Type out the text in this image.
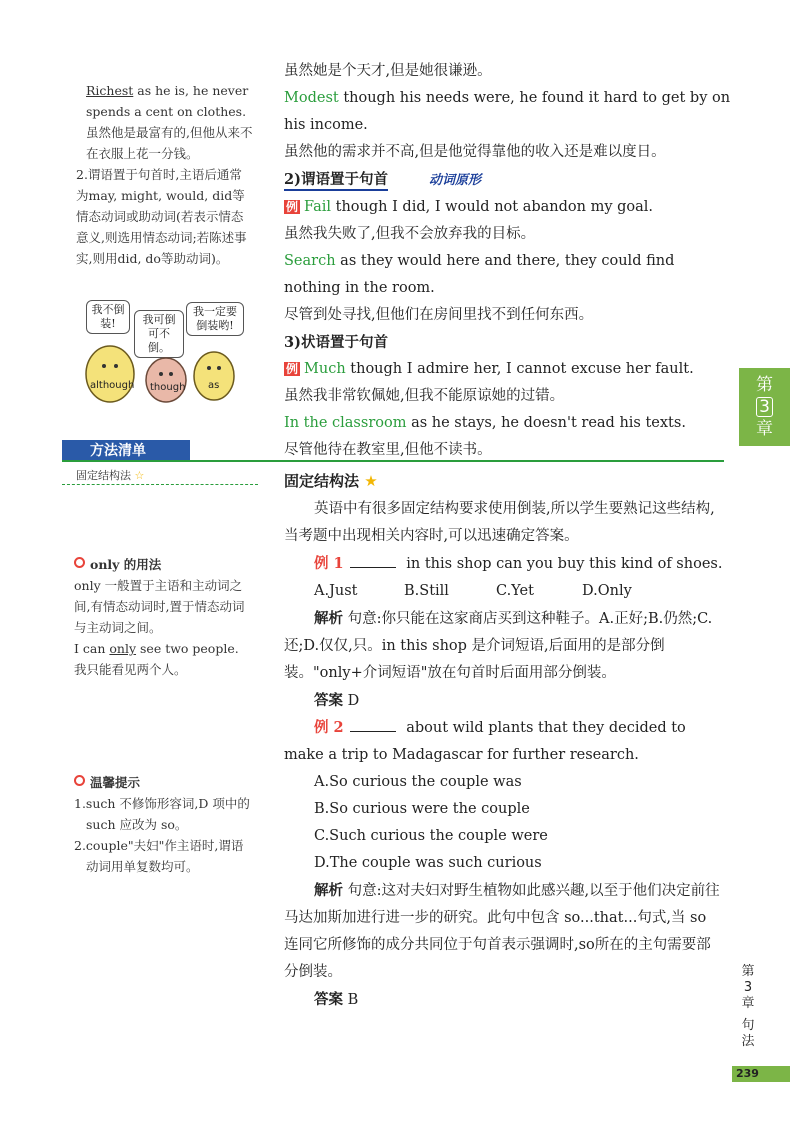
Richest as he is, he never spends a cent on clothes.
虽然他是最富有的,但他从来不在衣服上花一分钱。
2.谓语置于句首时,主语后通常为may, might, would, did等情态动词或助动词(若表示情态意义,则选用情态动词;若陈述事实,则用did, do等助动词)。
我不倒装!	我可倒可不倒。
我一定要倒装哟!
although though as
虽然她是个天才,但是她很谦逊。
Modest though his needs were, he found it hard to get by on his income.
虽然他的需求并不高,但是他觉得靠他的收入还是难以度日。
2)谓语置于句首	动词原形
例 Fail though I did, I would not abandon my goal.
虽然我失败了,但我不会放弃我的目标。
Search as they would here and there, they could find nothing in the room.
尽管到处寻找,但他们在房间里找不到任何东西。
3)状语置于句首
例 Much though I admire her, I cannot excuse her fault.
虽然我非常钦佩她,但我不能原谅她的过错。
In the classroom as he stays, he doesn't read his texts.
尽管他待在教室里,但他不读书。
第
3
章
方法清单
固定结构法 ☆	固定结构法 ★
英语中有很多固定结构要求使用倒装,所以学生要熟记这些结构,当考题中出现相关内容时,可以迅速确定答案。
例 1	in this shop can you buy this kind of shoes.
A.Just	B.Still	C.Yet	D.Only
解析 句意:你只能在这家商店买到这种鞋子。A.正好;B.仍然;C.还;D.仅仅,只。in this shop 是介词短语,后面用的是部分倒装。"only+介词短语"放在句首时后面用部分倒装。
答案 D
例 2	about wild plants that they decided to make a trip to Madagascar for further research.
A.So curious the couple was
B.So curious were the couple
C.Such curious the couple were
D.The couple was such curious
解析 句意:这对夫妇对野生植物如此感兴趣,以至于他们决定前往马达加斯加进行进一步的研究。此句中包含 so...that...句式,当 so 连同它所修饰的成分共同位于句首表示强调时,so所在的主句需要部分倒装。
答案 B
only 的用法
only 一般置于主语和主动词之间,有情态动词时,置于情态动词与主动词之间。
I can only see two people.
我只能看见两个人。
温馨提示
1.such 不修饰形容词,D 项中的 such 应改为 so。
2.couple"夫妇"作主语时,谓语动词用单复数均可。
第
3
章
句
法
239
